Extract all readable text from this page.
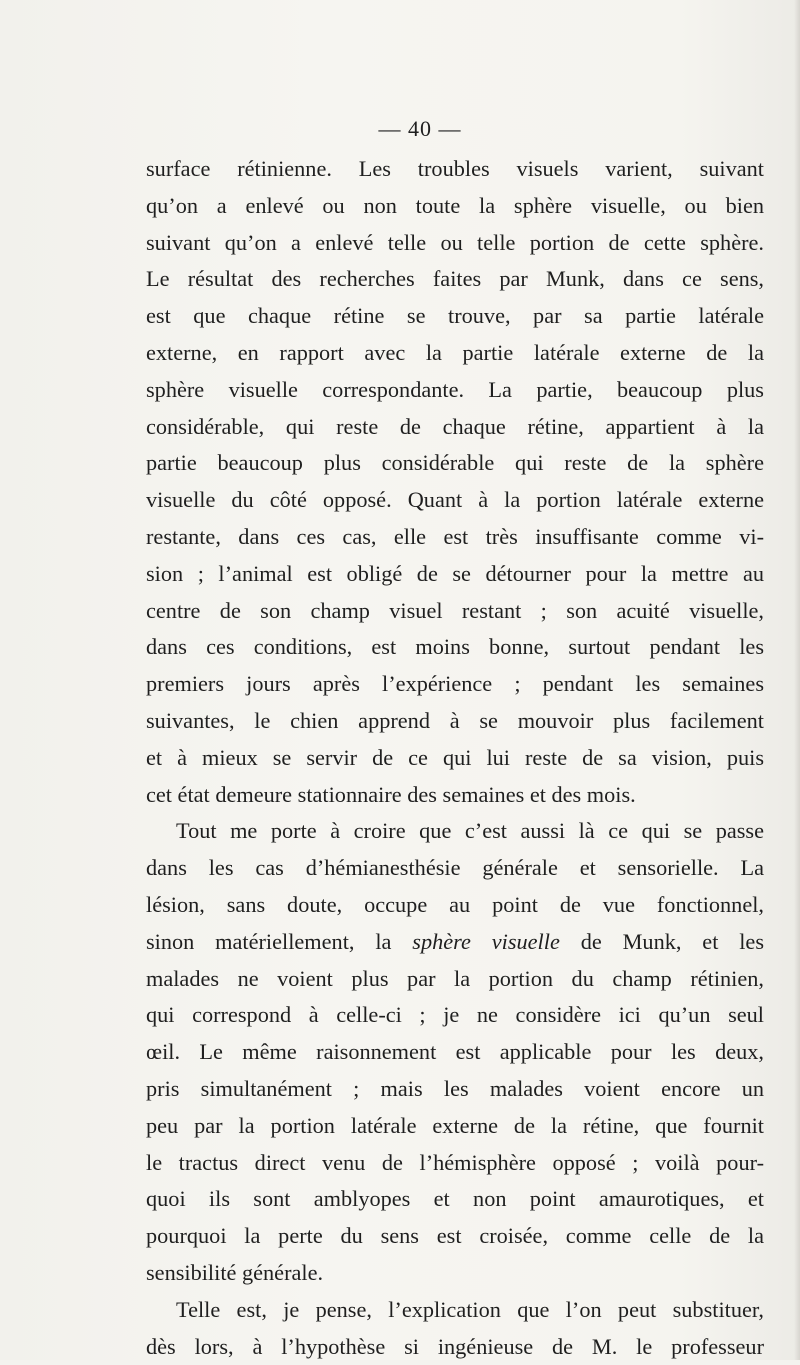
— 40 —
surface rétinienne. Les troubles visuels varient, suivant
qu’on a enlevé ou non toute la sphère visuelle, ou bien
suivant qu’on a enlevé telle ou telle portion de cette sphère.
Le résultat des recherches faites par Munk, dans ce sens,
est que chaque rétine se trouve, par sa partie latérale
externe, en rapport avec la partie latérale externe de la
sphère visuelle correspondante. La partie, beaucoup plus
considérable, qui reste de chaque rétine, appartient à la
partie beaucoup plus considérable qui reste de la sphère
visuelle du côté opposé. Quant à la portion latérale externe
restante, dans ces cas, elle est très insuffisante comme vi-
sion ; l’animal est obligé de se détourner pour la mettre au
centre de son champ visuel restant ; son acuité visuelle,
dans ces conditions, est moins bonne, surtout pendant les
premiers jours après l’expérience ; pendant les semaines
suivantes, le chien apprend à se mouvoir plus facilement
et à mieux se servir de ce qui lui reste de sa vision, puis
cet état demeure stationnaire des semaines et des mois.
Tout me porte à croire que c’est aussi là ce qui se passe
dans les cas d’hémianesthésie générale et sensorielle. La
lésion, sans doute, occupe au point de vue fonctionnel,
sinon matériellement, la sphère visuelle de Munk, et les
malades ne voient plus par la portion du champ rétinien,
qui correspond à celle-ci ; je ne considère ici qu’un seul
œil. Le même raisonnement est applicable pour les deux,
pris simultanément ; mais les malades voient encore un
peu par la portion latérale externe de la rétine, que fournit
le tractus direct venu de l’hémisphère opposé ; voilà pour-
quoi ils sont amblyopes et non point amaurotiques, et
pourquoi la perte du sens est croisée, comme celle de la
sensibilité générale.
Telle est, je pense, l’explication que l’on peut substituer,
dès lors, à l’hypothèse si ingénieuse de M. le professeur
